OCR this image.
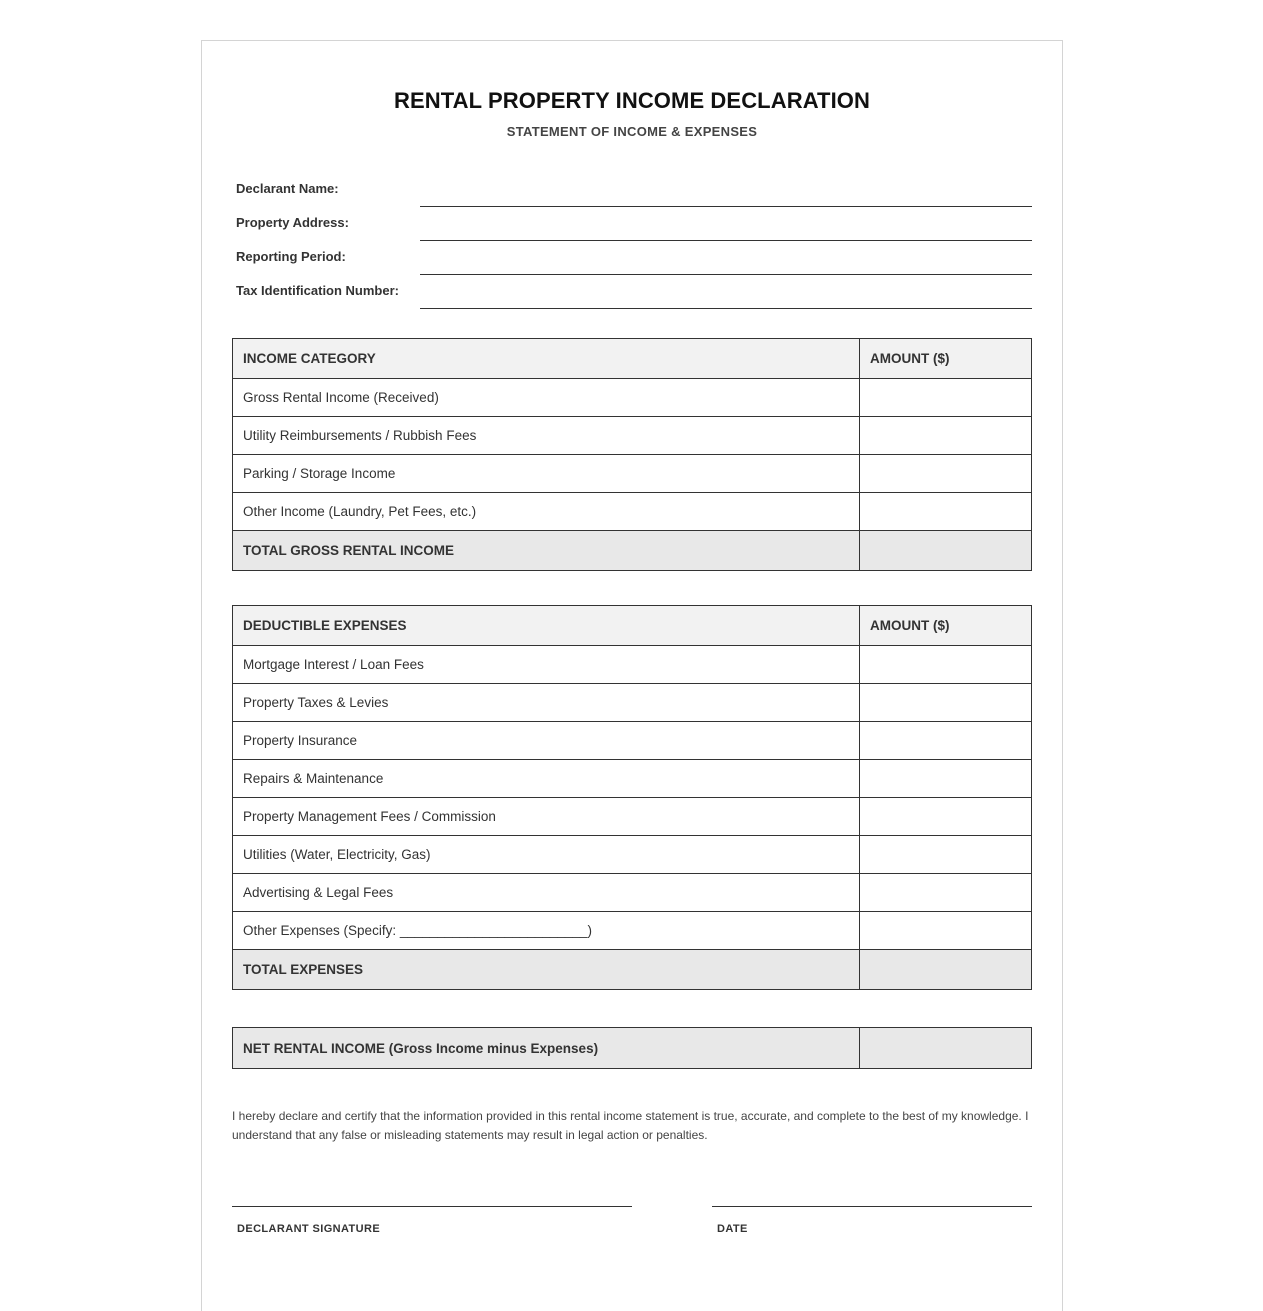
RENTAL PROPERTY INCOME DECLARATION
STATEMENT OF INCOME & EXPENSES
Declarant Name:
Property Address:
Reporting Period:
Tax Identification Number:
INCOME CATEGORY	AMOUNT ($)
Gross Rental Income (Received)	
Utility Reimbursements / Rubbish Fees	
Parking / Storage Income	
Other Income (Laundry, Pet Fees, etc.)	
TOTAL GROSS RENTAL INCOME	
DEDUCTIBLE EXPENSES	AMOUNT ($)
Mortgage Interest / Loan Fees	
Property Taxes & Levies	
Property Insurance	
Repairs & Maintenance	
Property Management Fees / Commission	
Utilities (Water, Electricity, Gas)	
Advertising & Legal Fees	
Other Expenses (Specify: _________________________)	
TOTAL EXPENSES	
NET RENTAL INCOME (Gross Income minus Expenses)	
I hereby declare and certify that the information provided in this rental income statement is true, accurate, and complete to the best of my knowledge. I understand that any false or misleading statements may result in legal action or penalties.
DECLARANT SIGNATURE	DATE
